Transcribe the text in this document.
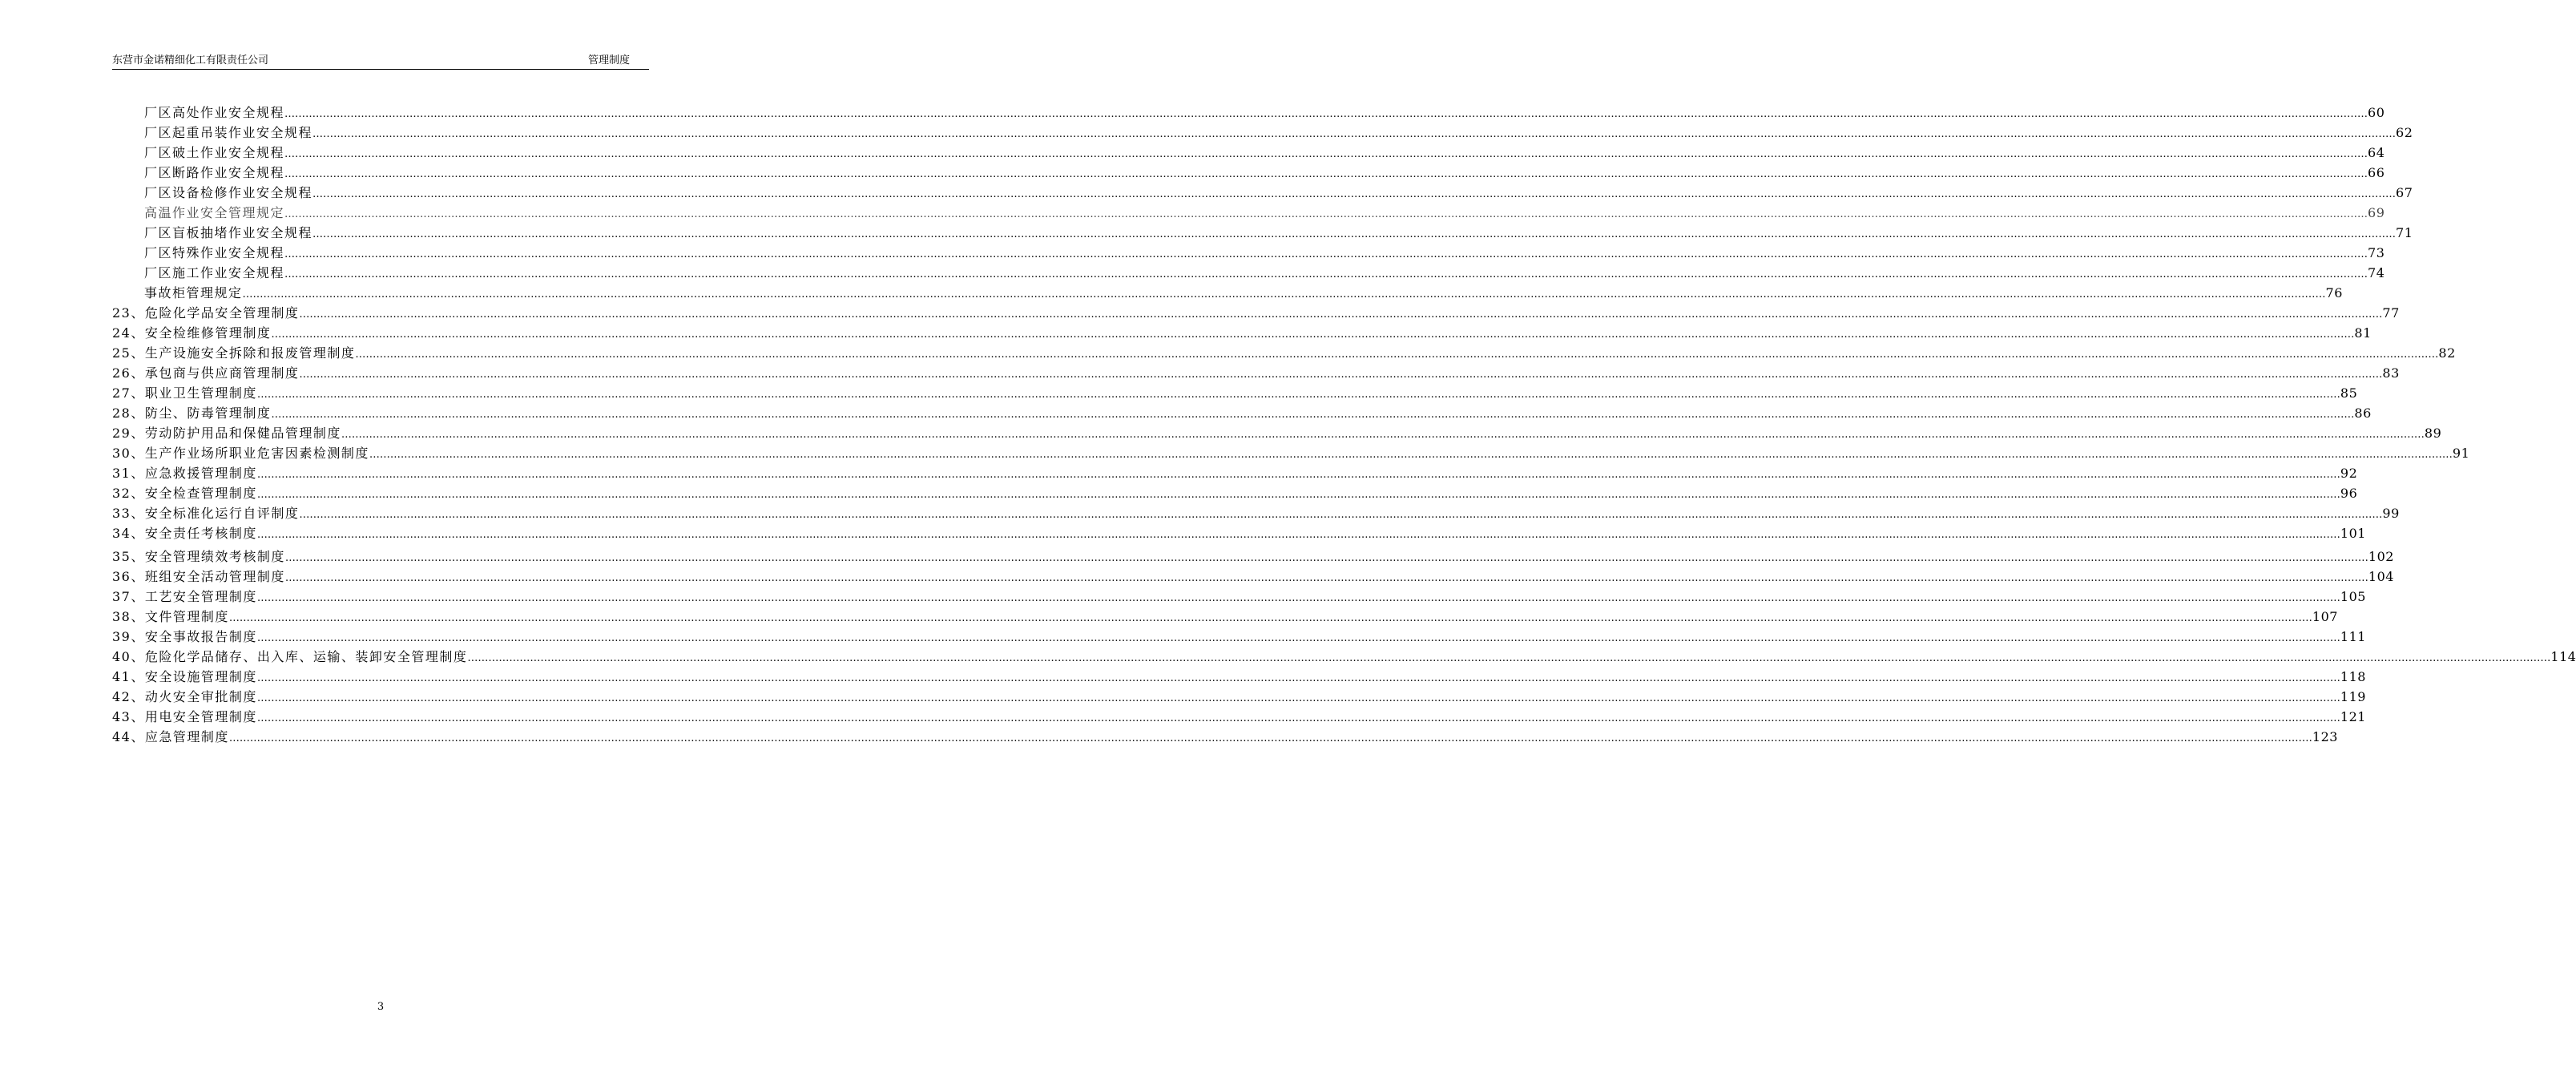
东营市金诺精细化工有限责任公司	管理制度
厂区高处作业安全规程 …………………………………………………………………………………………………………………………………………………………………………………………………………………………………………………………………………………………………………………………………………………………………………………………………………………………………………………………………………………………………………………………………………………… 60
厂区起重吊装作业安全规程 …………………………………………………………………………………………………………………………………………………………………………………………………………………………………………………………………………………………………………………………………………………………………………………………………………………………………………………………………………………………………………………………………………………… 62
厂区破土作业安全规程 …………………………………………………………………………………………………………………………………………………………………………………………………………………………………………………………………………………………………………………………………………………………………………………………………………………………………………………………………………………………………………………………………………………… 64
厂区断路作业安全规程 …………………………………………………………………………………………………………………………………………………………………………………………………………………………………………………………………………………………………………………………………………………………………………………………………………………………………………………………………………………………………………………………………………………… 66
厂区设备检修作业安全规程 …………………………………………………………………………………………………………………………………………………………………………………………………………………………………………………………………………………………………………………………………………………………………………………………………………………………………………………………………………………………………………………………………………………… 67
高温作业安全管理规定 …………………………………………………………………………………………………………………………………………………………………………………………………………………………………………………………………………………………………………………………………………………………………………………………………………………………………………………………………………………………………………………………………………………… 69
厂区盲板抽堵作业安全规程 …………………………………………………………………………………………………………………………………………………………………………………………………………………………………………………………………………………………………………………………………………………………………………………………………………………………………………………………………………………………………………………………………………………… 71
厂区特殊作业安全规程 …………………………………………………………………………………………………………………………………………………………………………………………………………………………………………………………………………………………………………………………………………………………………………………………………………………………………………………………………………………………………………………………………………………… 73
厂区施工作业安全规程 …………………………………………………………………………………………………………………………………………………………………………………………………………………………………………………………………………………………………………………………………………………………………………………………………………………………………………………………………………………………………………………………………………………… 74
事故柜管理规定 …………………………………………………………………………………………………………………………………………………………………………………………………………………………………………………………………………………………………………………………………………………………………………………………………………………………………………………………………………………………………………………………………………………… 76
23、 危险化学品安全管理制度 …………………………………………………………………………………………………………………………………………………………………………………………………………………………………………………………………………………………………………………………………………………………………………………………………………………………………………………………………………………………………………………………………………………… 77
24、 安全检维修管理制度 …………………………………………………………………………………………………………………………………………………………………………………………………………………………………………………………………………………………………………………………………………………………………………………………………………………………………………………………………………………………………………………………………………………… 81
25、 生产设施安全拆除和报废管理制度 …………………………………………………………………………………………………………………………………………………………………………………………………………………………………………………………………………………………………………………………………………………………………………………………………………………………………………………………………………………………………………………………………………………… 82
26、 承包商与供应商管理制度 …………………………………………………………………………………………………………………………………………………………………………………………………………………………………………………………………………………………………………………………………………………………………………………………………………………………………………………………………………………………………………………………………………………… 83
27、 职业卫生管理制度 …………………………………………………………………………………………………………………………………………………………………………………………………………………………………………………………………………………………………………………………………………………………………………………………………………………………………………………………………………………………………………………………………………………… 85
28、 防尘、防毒管理制度 …………………………………………………………………………………………………………………………………………………………………………………………………………………………………………………………………………………………………………………………………………………………………………………………………………………………………………………………………………………………………………………………………………………… 86
29、 劳动防护用品和保健品管理制度 …………………………………………………………………………………………………………………………………………………………………………………………………………………………………………………………………………………………………………………………………………………………………………………………………………………………………………………………………………………………………………………………………………………… 89
30、 生产作业场所职业危害因素检测制度 …………………………………………………………………………………………………………………………………………………………………………………………………………………………………………………………………………………………………………………………………………………………………………………………………………………………………………………………………………………………………………………………………………………… 91
31、 应急救援管理制度 …………………………………………………………………………………………………………………………………………………………………………………………………………………………………………………………………………………………………………………………………………………………………………………………………………………………………………………………………………………………………………………………………………………… 92
32、 安全检查管理制度 …………………………………………………………………………………………………………………………………………………………………………………………………………………………………………………………………………………………………………………………………………………………………………………………………………………………………………………………………………………………………………………………………………………… 96
33、 安全标准化运行自评制度 …………………………………………………………………………………………………………………………………………………………………………………………………………………………………………………………………………………………………………………………………………………………………………………………………………………………………………………………………………………………………………………………………………………… 99
34、 安全责任考核制度 …………………………………………………………………………………………………………………………………………………………………………………………………………………………………………………………………………………………………………………………………………………………………………………………………………………………………………………………………………………………………………………………………………………… 101
35、 安全管理绩效考核制度 …………………………………………………………………………………………………………………………………………………………………………………………………………………………………………………………………………………………………………………………………………………………………………………………………………………………………………………………………………………………………………………………………………………… 102
36、 班组安全活动管理制度 …………………………………………………………………………………………………………………………………………………………………………………………………………………………………………………………………………………………………………………………………………………………………………………………………………………………………………………………………………………………………………………………………………………… 104
37、 工艺安全管理制度 …………………………………………………………………………………………………………………………………………………………………………………………………………………………………………………………………………………………………………………………………………………………………………………………………………………………………………………………………………………………………………………………………………………… 105
38、 文件管理制度 …………………………………………………………………………………………………………………………………………………………………………………………………………………………………………………………………………………………………………………………………………………………………………………………………………………………………………………………………………………………………………………………………………………… 107
39、 安全事故报告制度 …………………………………………………………………………………………………………………………………………………………………………………………………………………………………………………………………………………………………………………………………………………………………………………………………………………………………………………………………………………………………………………………………………………… 111
40、 危险化学品储存、出入库、运输、装卸安全管理制度 …………………………………………………………………………………………………………………………………………………………………………………………………………………………………………………………………………………………………………………………………………………………………………………………………………………………………………………………………………………………………………………………………………………… 114
41、 安全设施管理制度 …………………………………………………………………………………………………………………………………………………………………………………………………………………………………………………………………………………………………………………………………………………………………………………………………………………………………………………………………………………………………………………………………………………… 118
42、 动火安全审批制度 …………………………………………………………………………………………………………………………………………………………………………………………………………………………………………………………………………………………………………………………………………………………………………………………………………………………………………………………………………………………………………………………………………………… 119
43、 用电安全管理制度 …………………………………………………………………………………………………………………………………………………………………………………………………………………………………………………………………………………………………………………………………………………………………………………………………………………………………………………………………………………………………………………………………………………… 121
44、 应急管理制度 …………………………………………………………………………………………………………………………………………………………………………………………………………………………………………………………………………………………………………………………………………………………………………………………………………………………………………………………………………………………………………………………………………………… 123
3
